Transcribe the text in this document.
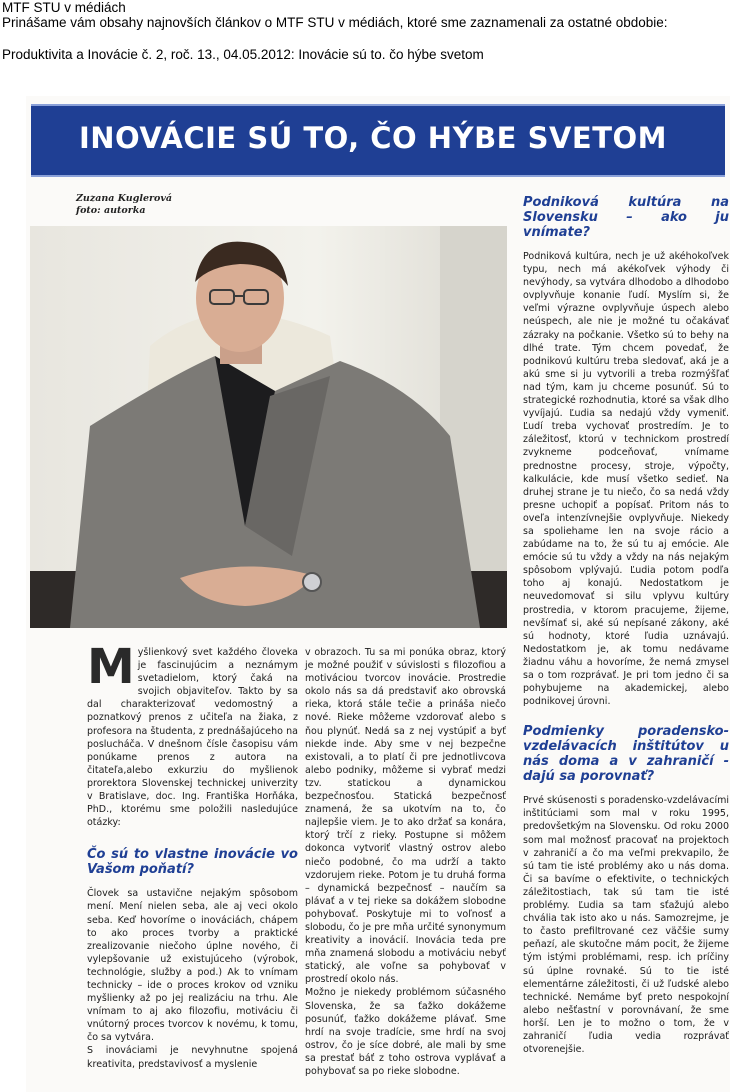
MTF STU v médiách
Prinášame vám obsahy najnovších článkov o MTF STU v médiách, ktoré sme zaznamenali za ostatné obdobie:
Produktivita a Inovácie č. 2, roč. 13., 04.05.2012: Inovácie sú to. čo hýbe svetom
INOVÁCIE SÚ TO, ČO HÝBE SVETOM
Zuzana Kuglerová
foto: autorka
M yšlienkový svet každého človeka je fascinujúcim a neznámym svetadielom, ktorý čaká na svojich objaviteľov. Takto by sa dal charakterizovať vedomostný a poznatkový prenos z učiteľa na žiaka, z profesora na študenta, z prednášajúceho na poslucháča. V dnešnom čísle časopisu vám ponúkame prenos z autora na čitateľa,alebo exkurziu do myšlienok prorektora Slovenskej technickej univerzity v Bratislave, doc. Ing. Františka Horňáka, PhD., ktorému sme položili nasledujúce otázky:

Čo sú to vlastne inovácie vo Vašom poňatí?

Človek sa ustavične nejakým spôsobom mení. Mení nielen seba, ale aj veci okolo seba. Keď hovoríme o inováciách, chápem to ako proces tvorby a praktické zrealizovanie niečoho úplne nového, či vylepšovanie už existujúceho (výrobok, technológie, služby a pod.) Ak to vnímam technicky – ide o proces krokov od vzniku myšlienky až po jej realizáciu na trhu. Ale vnímam to aj ako filozofiu, motiváciu či vnútorný proces tvorcov k novému, k tomu, čo sa vytvára.

S inováciami je nevyhnutne spojená kreativita, predstavivosť a myslenie

v obrazoch. Tu sa mi ponúka obraz, ktorý je možné použiť v súvislosti s filozofiou a motiváciou tvorcov inovácie. Prostredie okolo nás sa dá predstaviť ako obrovská rieka, ktorá stále tečie a prináša niečo nové. Rieke môžeme vzdorovať alebo s ňou plynúť. Nedá sa z nej vystúpiť a byť niekde inde. Aby sme v nej bezpečne existovali, a to platí či pre jednotlivcova alebo podniky, môžeme si vybrať medzi tzv. statickou a dynamickou bezpečnosťou. Statická bezpečnosť znamená, že sa ukotvím na to, čo najlepšie viem. Je to ako držať sa konára, ktorý trčí z rieky. Postupne si môžem dokonca vytvoriť vlastný ostrov alebo niečo podobné, čo ma udrží a takto vzdorujem rieke. Potom je tu druhá forma – dynamická bezpečnosť – naučím sa plávať a v tej rieke sa dokážem slobodne pohybovať. Poskytuje mi to voľnosť a slobodu, čo je pre mňa určité synonymum kreativity a inovácií. Inovácia teda pre mňa znamená slobodu a motiváciu nebyť statický, ale voľne sa pohybovať v prostredí okolo nás.

Možno je niekedy problémom súčasného Slovenska, že sa ťažko dokážeme posunúť, ťažko dokážeme plávať. Sme hrdí na svoje tradície, sme hrdí na svoj ostrov, čo je síce dobré, ale mali by sme sa prestať báť z toho ostrova vyplávať a pohybovať sa po rieke slobodne.

Podniková kultúra na Slovensku – ako ju vnímate?

Podniková kultúra, nech je už akéhokoľvek typu, nech má akékoľvek výhody či nevýhody, sa vytvára dlhodobo a dlhodobo ovplyvňuje konanie ľudí. Myslím si, že veľmi výrazne ovplyvňuje úspech alebo neúspech, ale nie je možné tu očakávať zázraky na počkanie. Všetko sú to behy na dlhé trate. Tým chcem povedať, že podnikovú kultúru treba sledovať, aká je a akú sme si ju vytvorili a treba rozmýšľať nad tým, kam ju chceme posunúť. Sú to strategické rozhodnutia, ktoré sa však dlho vyvíjajú. Ľudia sa nedajú vždy vymeniť. Ľudí treba vychovať prostredím. Je to záležitosť, ktorú v technickom prostredí zvykneme podceňovať, vnímame prednostne procesy, stroje, výpočty, kalkulácie, kde musí všetko sedieť. Na druhej strane je tu niečo, čo sa nedá vždy presne uchopiť a popísať. Pritom nás to oveľa intenzívnejšie ovplyvňuje. Niekedy sa spoliehame len na svoje rácio a zabúdame na to, že sú tu aj emócie. Ale emócie sú tu vždy a vždy na nás nejakým spôsobom vplývajú. Ľudia potom podľa toho aj konajú. Nedostatkom je neuvedomovať si silu vplyvu kultúry prostredia, v ktorom pracujeme, žijeme, nevšímať si, aké sú nepísané zákony, aké sú hodnoty, ktoré ľudia uznávajú. Nedostatkom je, ak tomu nedávame žiadnu váhu a hovoríme, že nemá zmysel sa o tom rozprávať. Je pri tom jedno či sa pohybujeme na akademickej, alebo podnikovej úrovni.

Podmienky poradensko-vzdelávacích inštitútov u nás doma a v zahraničí - dajú sa porovnať?

Prvé skúsenosti s poradensko-vzdelávacími inštitúciami som mal v roku 1995, predovšetkým na Slovensku. Od roku 2000 som mal možnosť pracovať na projektoch v zahraničí a čo ma veľmi prekvapilo, že sú tam tie isté problémy ako u nás doma. Či sa bavíme o efektivite, o technických záležitostiach, tak sú tam tie isté problémy. Ľudia sa tam sťažujú alebo chvália tak isto ako u nás. Samozrejme, je to často prefiltrované cez väčšie sumy peňazí, ale skutočne mám pocit, že žijeme tým istými problémami, resp. ich príčiny sú úplne rovnaké. Sú to tie isté elementárne záležitosti, či už ľudské alebo technické. Nemáme byť preto nespokojní alebo nešťastní v porovnávaní, že sme horší. Len je to možno o tom, že v zahraničí ľudia vedia rozprávať otvorenejšie.
